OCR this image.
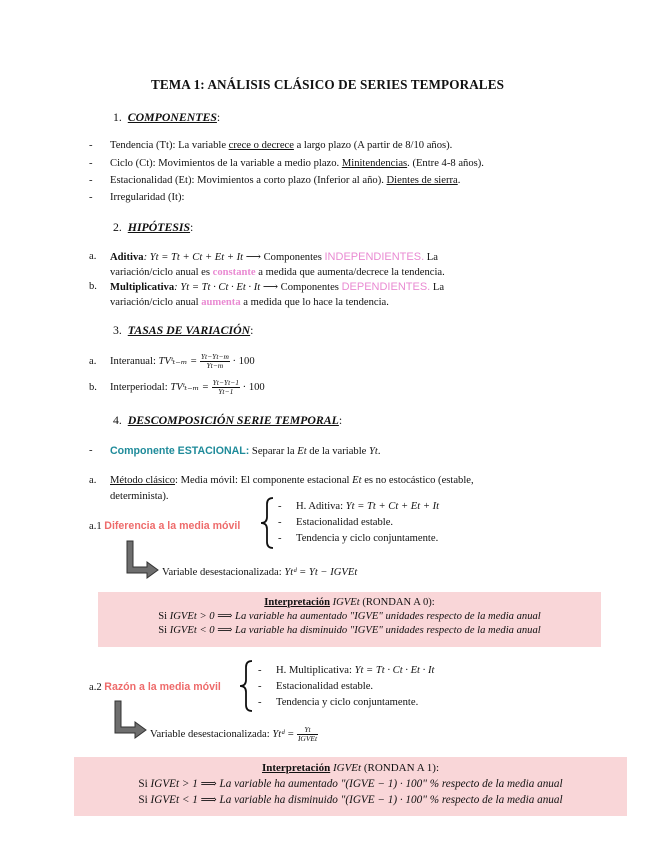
TEMA 1: ANÁLISIS CLÁSICO DE SERIES TEMPORALES
1. COMPONENTES:
- Tendencia (Tt): La variable crece o decrece a largo plazo (A partir de 8/10 años).
- Ciclo (Ct): Movimientos de la variable a medio plazo. Minitendencias. (Entre 4-8 años).
- Estacionalidad (Et): Movimientos a corto plazo (Inferior al año). Dientes de sierra.
- Irregularidad (It):
2. HIPÓTESIS:
a. Aditiva: Yt = Tt + Ct + Et + It ⟶ Componentes INDEPENDIENTES. La
variación/ciclo anual es constante a medida que aumenta/decrece la tendencia.
b. Multiplicativa: Yt = Tt · Ct · Et · It ⟶ Componentes DEPENDIENTES. La
variación/ciclo anual aumenta a medida que lo hace la tendencia.
3. TASAS DE VARIACIÓN:
a. Interanual: TVᵗₜ₋ₘ = $\frac{Yt-Yt-m}{Yt-m} \cdot 100$
b. Interperiodal: TVᵗₜ₋ₘ = $\frac{Yt-Yt-1}{Yt-1} \cdot 100$
4. DESCOMPOSICIÓN SERIE TEMPORAL:
- Componente ESTACIONAL: Separar la Et de la variable Yt.
a. Método clásico: Media móvil: El componente estacional Et es no estocástico (estable,
determinista).
a.1 Diferencia a la media móvil
- H. Aditiva: Yt = Tt + Ct + Et + It
- Estacionalidad estable.
- Tendencia y ciclo conjuntamente.
Variable desestacionalizada: Ytᵈ = Yt − IGVEt
Interpretación IGVEt (RONDAN A 0):
Si IGVEt > 0 ⟹ La variable ha aumentado "IGVE" unidades respecto de la media anual
Si IGVEt < 0 ⟹ La variable ha disminuido "IGVE" unidades respecto de la media anual
a.2 Razón a la media móvil
- H. Multiplicativa: Yt = Tt · Ct · Et · It
- Estacionalidad estable.
- Tendencia y ciclo conjuntamente.
Variable desestacionalizada: Ytᵈ = $\frac{Yt}{\text{IGVEt}}$
Interpretación IGVEt (RONDAN A 1):
Si IGVEt > 1 ⟹ La variable ha aumentado "(IGVE − 1) · 100" % respecto de la media anual
Si IGVEt < 1 ⟹ La variable ha disminuido "(IGVE − 1) · 100" % respecto de la media anual
